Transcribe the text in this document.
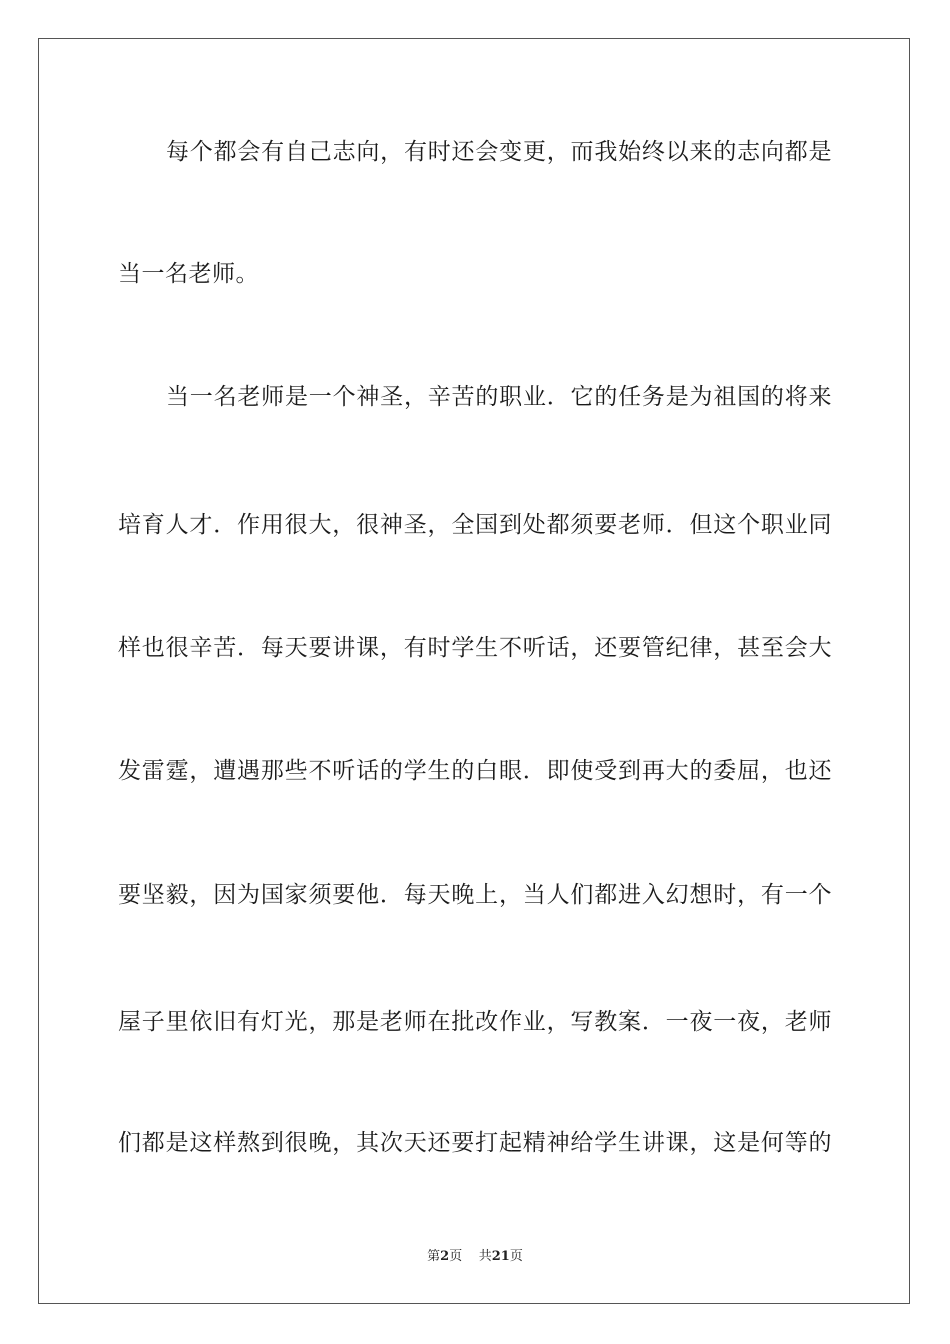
每个都会有自己志向，有时还会变更，而我始终以来的志向都是
当一名老师。
当一名老师是一个神圣，辛苦的职业．它的任务是为祖国的将来
培育人才．作用很大，很神圣，全国到处都须要老师．但这个职业同
样也很辛苦．每天要讲课，有时学生不听话，还要管纪律，甚至会大
发雷霆，遭遇那些不听话的学生的白眼．即使受到再大的委屈，也还
要坚毅，因为国家须要他．每天晚上，当人们都进入幻想时，有一个
屋子里依旧有灯光，那是老师在批改作业，写教案．一夜一夜，老师
们都是这样熬到很晚，其次天还要打起精神给学生讲课，这是何等的
第2页 共21页
